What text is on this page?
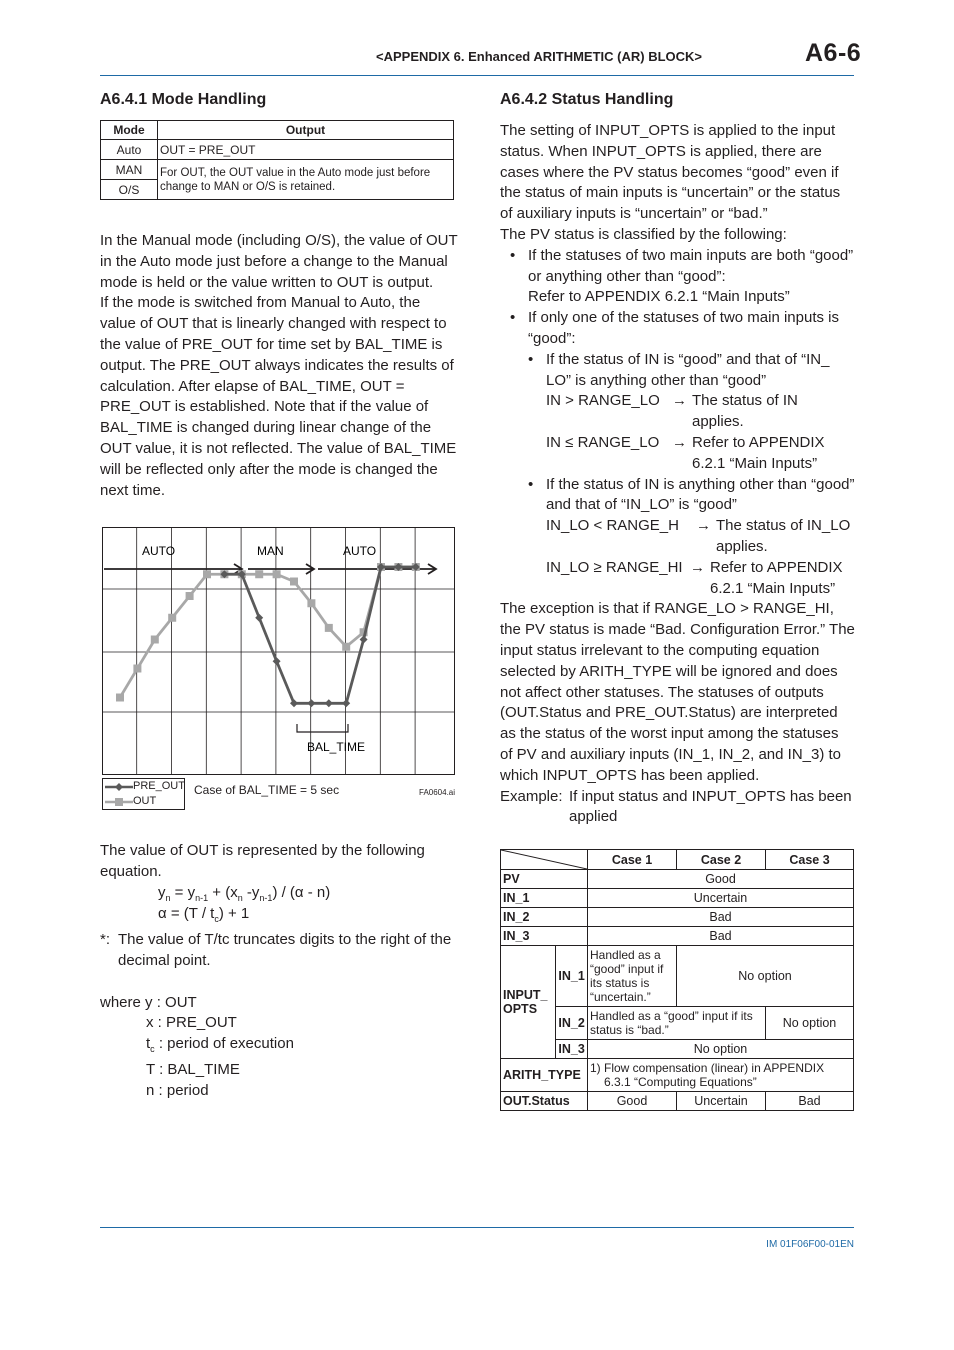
<APPENDIX 6. Enhanced ARITHMETIC (AR) BLOCK>	A6-6
A6.4.1 Mode Handling
Mode	Output
Auto	OUT = PRE_OUT
MAN	For OUT, the OUT value in the Auto mode just before change to MAN or O/S is retained.
O/S	

In the Manual mode (including O/S), the value of OUT in the Auto mode just before a change to the Manual mode is held or the value written to OUT is output.

If the mode is switched from Manual to Auto, the value of OUT that is linearly changed with respect to the value of PRE_OUT for time set by BAL_TIME is output. The PRE_OUT always indicates the results of calculation. After elapse of BAL_TIME, OUT = PRE_OUT is established. Note that if the value of BAL_TIME is changed during linear change of the OUT value, it is not reflected. The value of BAL_TIME will be reflected only after the mode is changed the next time.

AUTO	MAN	AUTO
BAL_TIME
PRE_OUT
OUT
Case of BAL_TIME = 5 sec	FA0604.ai

The value of OUT is represented by the following equation.

$y_n = y_{n-1} + (x_n$ $-y_{n-1}) / (\alpha - n)$

$\alpha = (T / t_c) + 1$

*: The value of T/tc truncates digits to the right of the decimal point.

where y : OUT

x : PRE_OUT

$t_c$ : period of execution

T : BAL_TIME

n : period

A6.4.2 Status Handling

The setting of INPUT_OPTS is applied to the input status. When INPUT_OPTS is applied, there are cases where the PV status becomes “good” even if the status of main inputs is “uncertain” or the status of auxiliary inputs is “uncertain” or “bad.”

The PV status is classified by the following:

• If the statuses of two main inputs are both “good” or anything other than “good”:

Refer to APPENDIX 6.2.1 “Main Inputs”

• If only one of the statuses of two main inputs is “good”:

• If the status of IN is “good” and that of “IN_ LO” is anything other than “good”

IN > RANGE_LO → The status of IN applies.
IN ≤ RANGE_LO → Refer to APPENDIX 6.2.1 “Main Inputs”

• If the status of IN is anything other than “good” and that of “IN_LO” is “good”

IN_LO < RANGE_H → The status of IN_LO applies.
IN_LO ≥ RANGE_HI → Refer to APPENDIX 6.2.1 “Main Inputs”

The exception is that if RANGE_LO > RANGE_HI, the PV status is made “Bad. Configuration Error.” The input status irrelevant to the computing equation selected by ARITH_TYPE will be ignored and does not affect other statuses. The statuses of outputs (OUT.Status and PRE_OUT.Status) are interpreted as the status of the worst input among the statuses of PV and auxiliary inputs (IN_1, IN_2, and IN_3) to which INPUT_OPTS has been applied.

Example: If input status and INPUT_OPTS has been applied

	Case 1	Case 2	Case 3
PV		Good		
IN_1		Uncertain		
IN_2		Bad		
IN_3		Bad		
INPUT_ OPTS	IN_1	Handled as a “good” input if its status is “uncertain.”	No option	
	IN_2	Handled as a “good” input if its status is “bad.”		No option
	IN_3	No option		
ARITH_TYPE		1) Flow compensation (linear) in APPENDIX
6.3.1 “Computing Equations”		

OUT.Status		Good	Uncertain	Bad
IM 01F06F00-01EN
